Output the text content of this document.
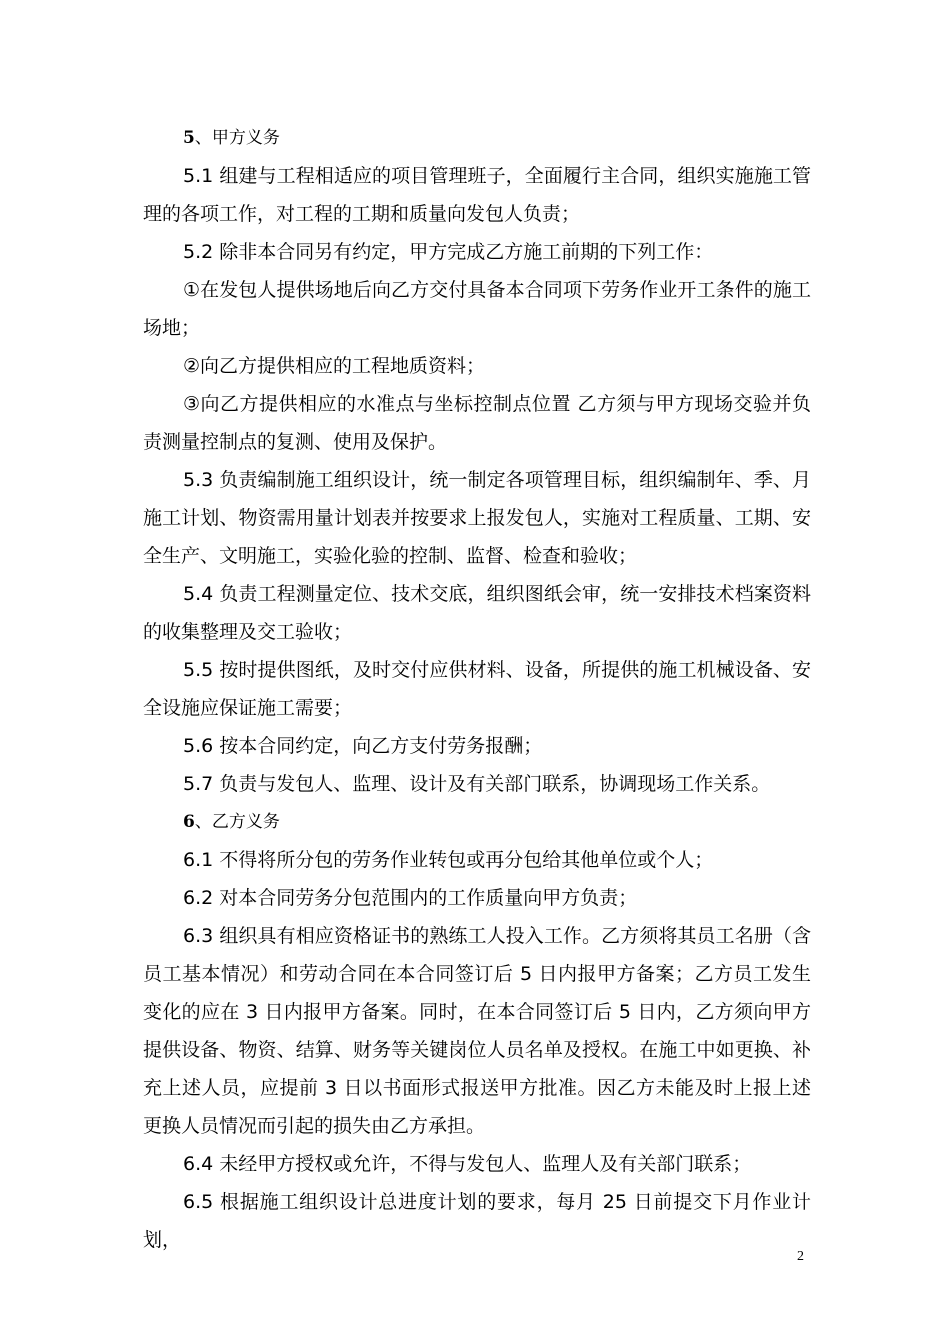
5、甲方义务

5.1 组建与工程相适应的项目管理班子，全面履行主合同，组织实施施工管理的各项工作，对工程的工期和质量向发包人负责；

5.2 除非本合同另有约定，甲方完成乙方施工前期的下列工作：

①在发包人提供场地后向乙方交付具备本合同项下劳务作业开工条件的施工场地；

②向乙方提供相应的工程地质资料；

③向乙方提供相应的水准点与坐标控制点位置 乙方须与甲方现场交验并负责测量控制点的复测、使用及保护。

5.3 负责编制施工组织设计，统一制定各项管理目标，组织编制年、季、月施工计划、物资需用量计划表并按要求上报发包人，实施对工程质量、工期、安全生产、文明施工，实验化验的控制、监督、检查和验收；

5.4 负责工程测量定位、技术交底，组织图纸会审，统一安排技术档案资料的收集整理及交工验收；

5.5 按时提供图纸，及时交付应供材料、设备，所提供的施工机械设备、安全设施应保证施工需要；

5.6 按本合同约定，向乙方支付劳务报酬；

5.7 负责与发包人、监理、设计及有关部门联系，协调现场工作关系。

6、乙方义务

6.1 不得将所分包的劳务作业转包或再分包给其他单位或个人；

6.2 对本合同劳务分包范围内的工作质量向甲方负责；

6.3 组织具有相应资格证书的熟练工人投入工作。乙方须将其员工名册（含员工基本情况）和劳动合同在本合同签订后 5 日内报甲方备案；乙方员工发生变化的应在 3 日内报甲方备案。同时，在本合同签订后 5 日内，乙方须向甲方提供设备、物资、结算、财务等关键岗位人员名单及授权。在施工中如更换、补充上述人员，应提前 3 日以书面形式报送甲方批准。因乙方未能及时上报上述更换人员情况而引起的损失由乙方承担。

6.4 未经甲方授权或允许，不得与发包人、监理人及有关部门联系；

6.5 根据施工组织设计总进度计划的要求，每月 25 日前提交下月作业计划，

2
